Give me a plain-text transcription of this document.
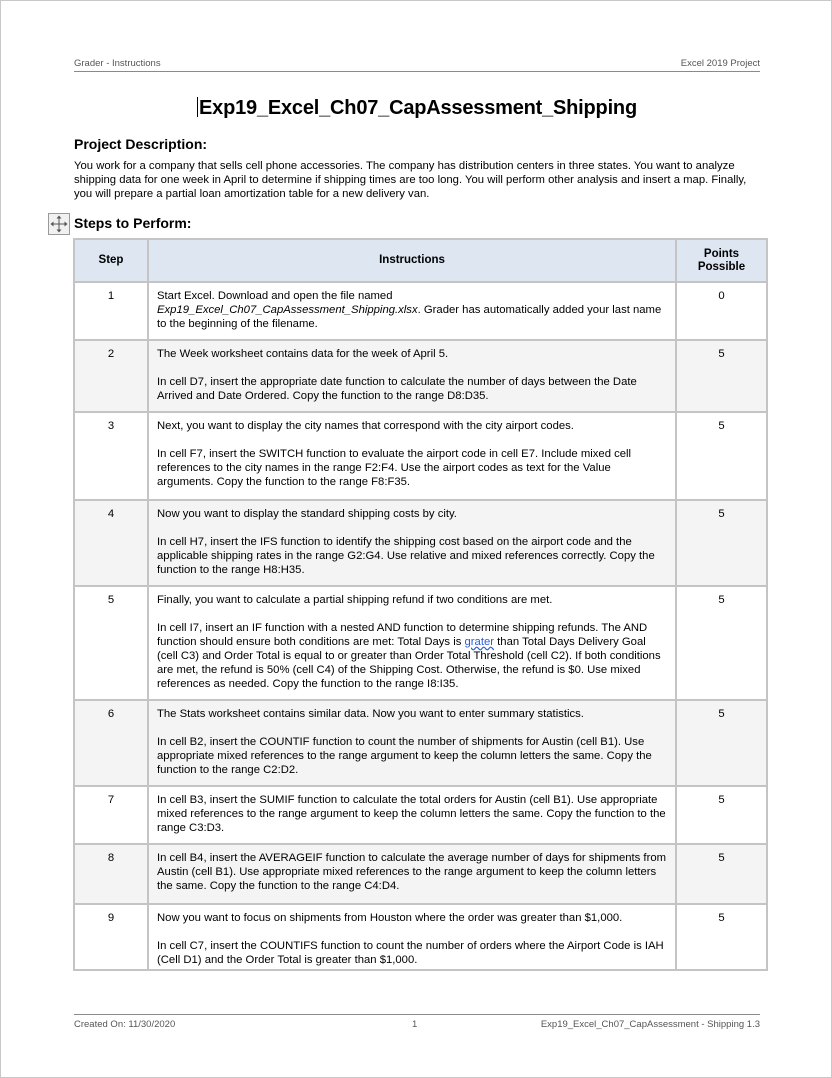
Grader - Instructions	Excel 2019 Project
Exp19_Excel_Ch07_CapAssessment_Shipping
Project Description:
You work for a company that sells cell phone accessories. The company has distribution centers in three states. You want to analyze shipping data for one week in April to determine if shipping times are too long. You will perform other analysis and insert a map. Finally, you will prepare a partial loan amortization table for a new delivery van.
Steps to Perform:
Step	Instructions	Points
Possible
1	Start Excel. Download and open the file named
Exp19_Excel_Ch07_CapAssessment_Shipping.xlsx. Grader has automatically added your last name to the beginning of the filename.	0
2	The Week worksheet contains data for the week of April 5.

In cell D7, insert the appropriate date function to calculate the number of days between the Date Arrived and Date Ordered. Copy the function to the range D8:D35.	5
3	Next, you want to display the city names that correspond with the city airport codes.

In cell F7, insert the SWITCH function to evaluate the airport code in cell E7. Include mixed cell references to the city names in the range F2:F4. Use the airport codes as text for the Value arguments. Copy the function to the range F8:F35.	5
4	Now you want to display the standard shipping costs by city.

In cell H7, insert the IFS function to identify the shipping cost based on the airport code and the applicable shipping rates in the range G2:G4. Use relative and mixed references correctly. Copy the function to the range H8:H35.	5
5	Finally, you want to calculate a partial shipping refund if two conditions are met.

In cell I7, insert an IF function with a nested AND function to determine shipping refunds. The AND function should ensure both conditions are met: Total Days is grater than Total Days Delivery Goal (cell C3) and Order Total is equal to or greater than Order Total Threshold (cell C2). If both conditions are met, the refund is 50% (cell C4) of the Shipping Cost. Otherwise, the refund is $0. Use mixed references as needed. Copy the function to the range I8:I35.	5
6	The Stats worksheet contains similar data. Now you want to enter summary statistics.

In cell B2, insert the COUNTIF function to count the number of shipments for Austin (cell B1). Use appropriate mixed references to the range argument to keep the column letters the same. Copy the function to the range C2:D2.	5
7	In cell B3, insert the SUMIF function to calculate the total orders for Austin (cell B1). Use appropriate mixed references to the range argument to keep the column letters the same. Copy the function to the range C3:D3.	5
8	In cell B4, insert the AVERAGEIF function to calculate the average number of days for shipments from Austin (cell B1). Use appropriate mixed references to the range argument to keep the column letters the same. Copy the function to the range C4:D4.	5
9	Now you want to focus on shipments from Houston where the order was greater than $1,000.

In cell C7, insert the COUNTIFS function to count the number of orders where the Airport Code is IAH (Cell D1) and the Order Total is greater than $1,000.	5
Created On: 11/30/2020	1	Exp19_Excel_Ch07_CapAssessment - Shipping 1.3
